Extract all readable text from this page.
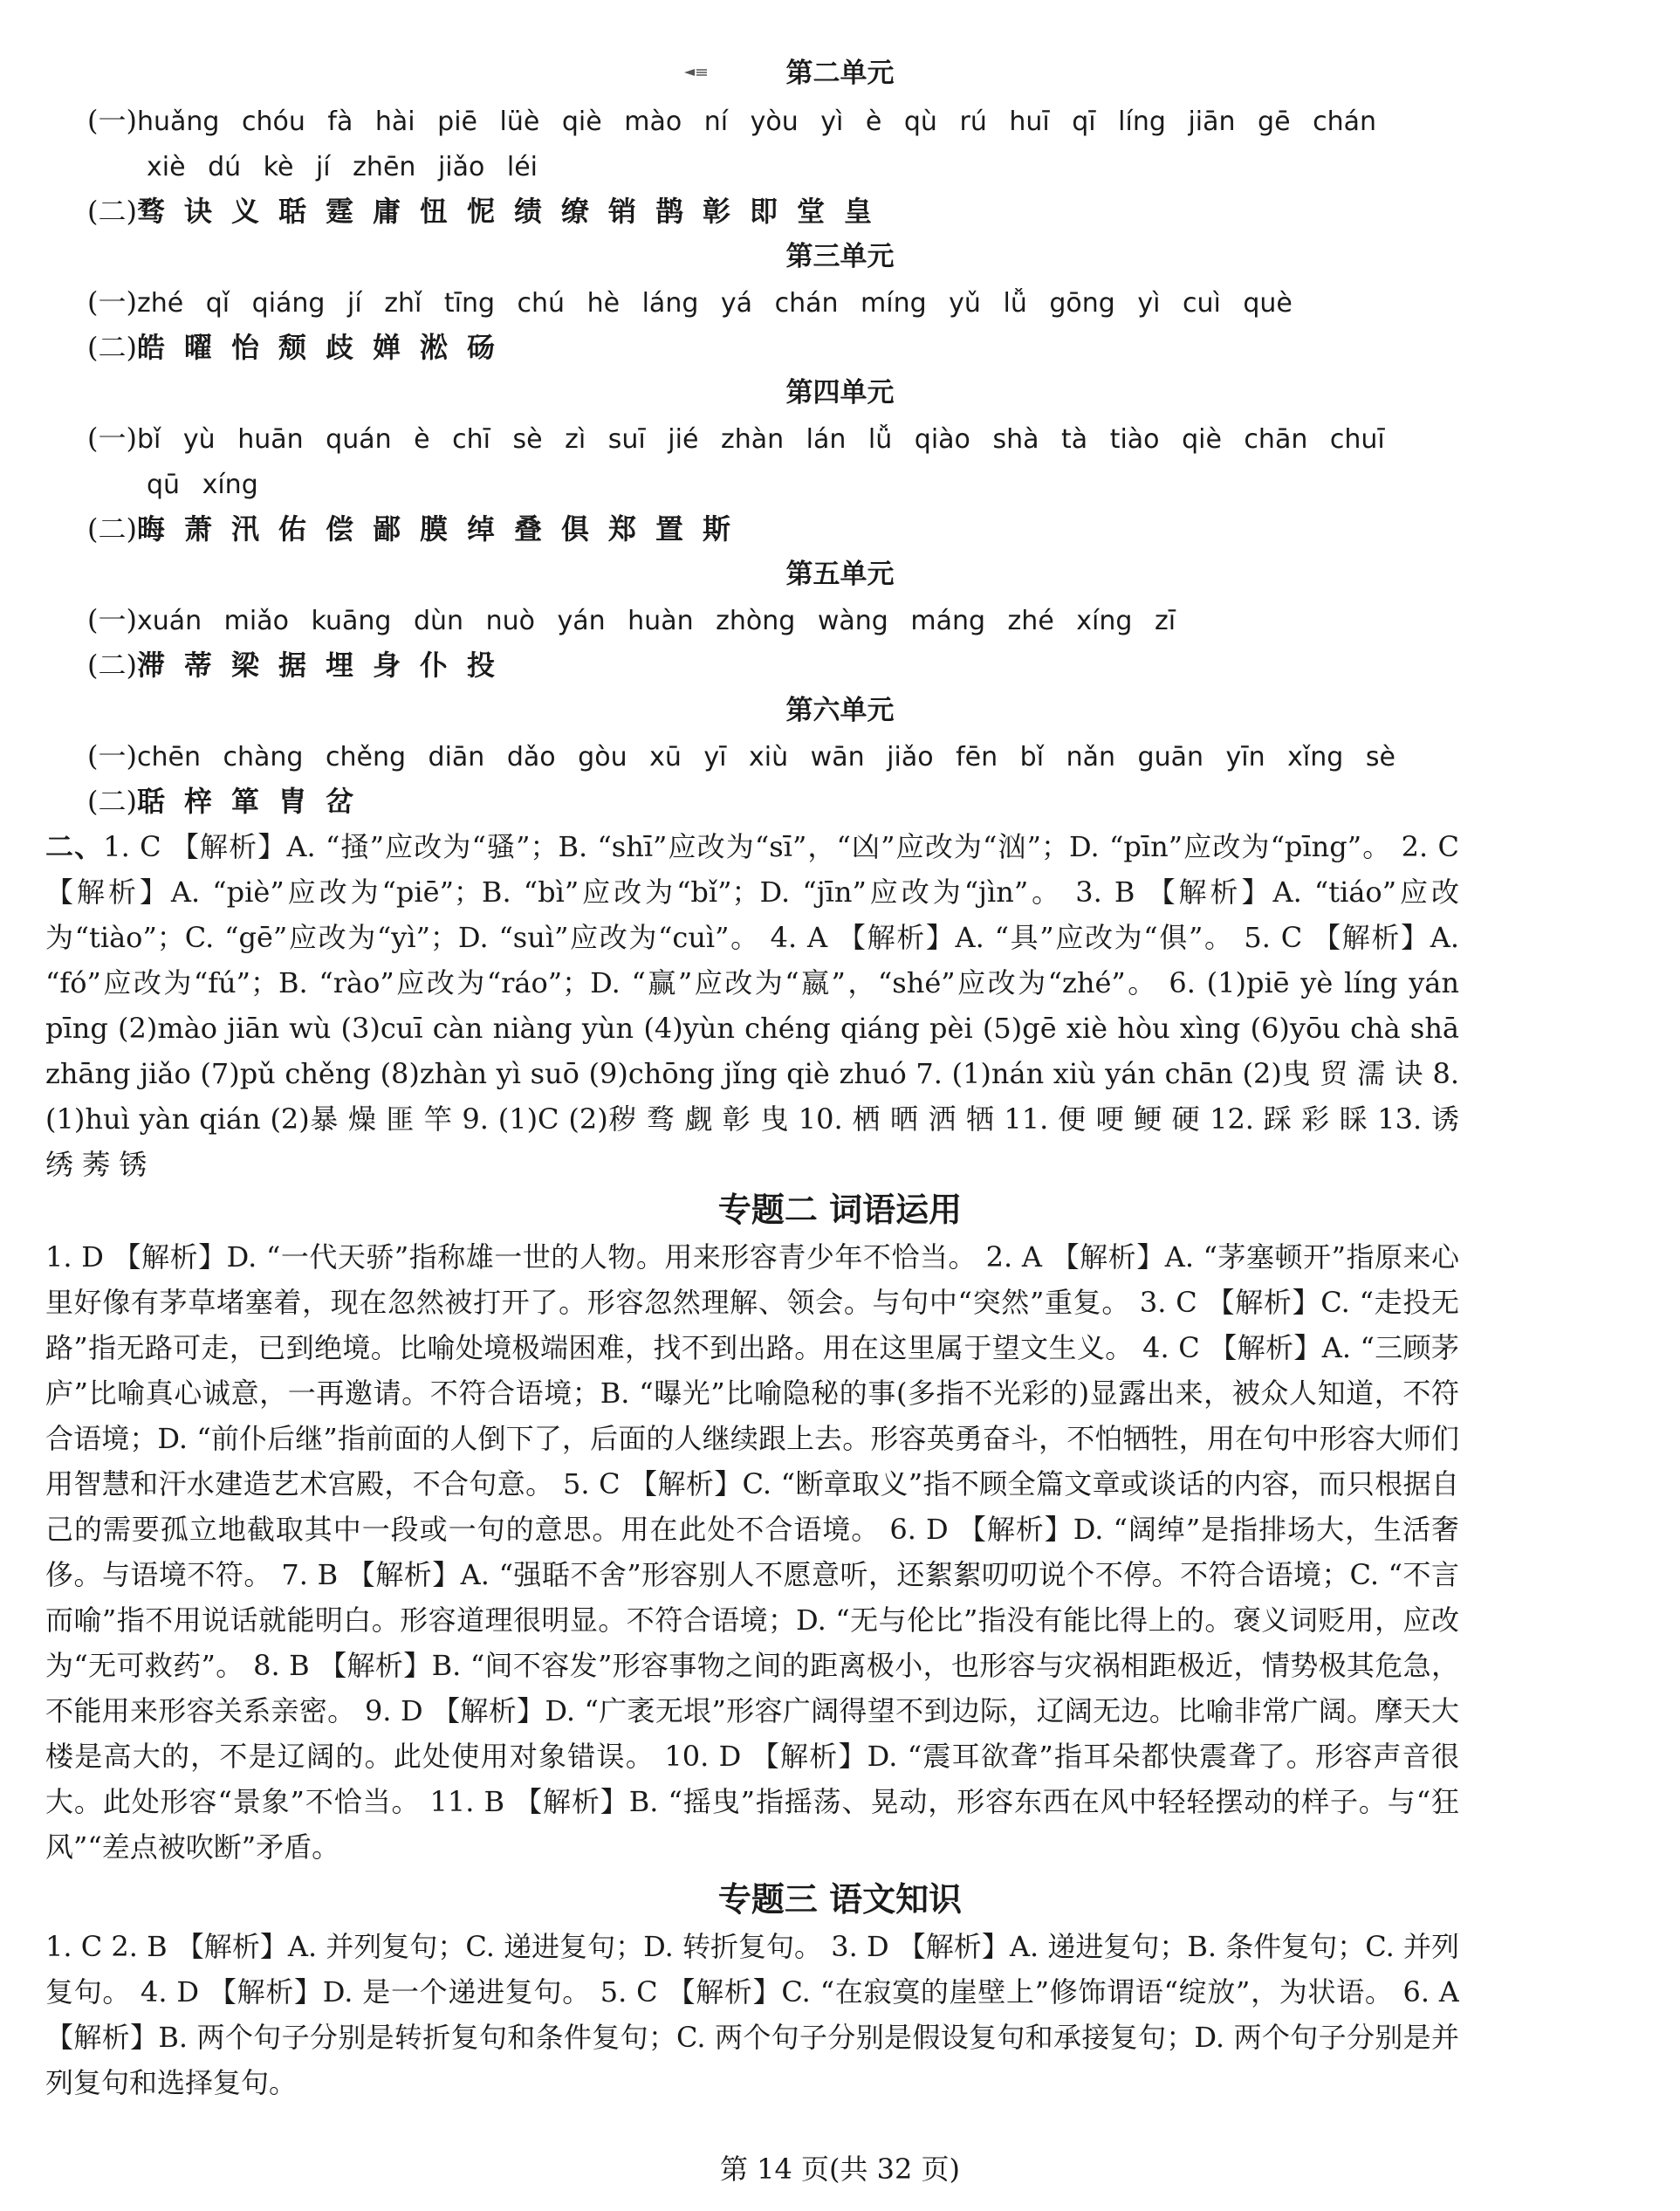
第二单元
(一)huǎng chóu fà hài piē lüè qiè mào ní yòu yì è qù rú huī qī líng jiān gē chán
xiè dú kè jí zhēn jiǎo léi
(二)骛诀义聒霆庸忸怩绩缭销鹊彰即堂皇
第三单元
(一)zhé qǐ qiáng jí zhǐ tīng chú hè láng yá chán míng yǔ lǚ gōng yì cuì què
(二)皓曜怡颓歧婵淞砀
第四单元
(一)bǐ yù huān quán è chī sè zì suī jié zhàn lán lǚ qiào shà tà tiào qiè chān chuī
qū xíng
(二)晦萧汛佑偿鄙膜绰叠俱郑置斯
第五单元
(一)xuán miǎo kuāng dùn nuò yán huàn zhòng wàng máng zhé xíng zī
(二)滞蒂梁据埋身仆投
第六单元
(一)chēn chàng chěng diān dǎo gòu xū yī xiù wān jiǎo fēn bǐ nǎn guān yīn xǐng sè
(二)聒梓箪胄岔
二、1. C 【解析】A. “掻”应改为“骚”；B. “shī”应改为“sī”，“凶”应改为“汹”；D. “pīn”应改为“pīng”。 2. C 【解析】A. “piè”应改为“piē”；B. “bì”应改为“bǐ”；D. “jīn”应改为“jìn”。 3. B 【解析】A. “tiáo”应改为“tiào”；C. “gē”应改为“yì”；D. “suì”应改为“cuì”。 4. A 【解析】A. “具”应改为“俱”。 5. C 【解析】A. “fó”应改为“fú”；B. “rào”应改为“ráo”；D. “赢”应改为“嬴”，“shé”应改为“zhé”。 6. (1)piē yè líng yán pīng (2)mào jiān wù (3)cuī càn niàng yùn (4)yùn chéng qiáng pèi (5)gē xiè hòu xìng (6)yōu chà shā zhāng jiǎo (7)pǔ chěng (8)zhàn yì suō (9)chōng jǐng qiè zhuó 7. (1)nán xiù yán chān (2)曳 贸 濡 诀 8. (1)huì yàn qián (2)暴 燥 匪 竿 9. (1)C (2)秽 骛 觑 彰 曳 10. 栖 晒 洒 牺 11. 便 哽 鲠 硬 12. 踩 彩 睬 13. 诱 绣 莠 锈
专题二 词语运用
1. D 【解析】D. “一代天骄”指称雄一世的人物。用来形容青少年不恰当。 2. A 【解析】A. “茅塞顿开”指原来心里好像有茅草堵塞着，现在忽然被打开了。形容忽然理解、领会。与句中“突然”重复。 3. C 【解析】C. “走投无路”指无路可走，已到绝境。比喻处境极端困难，找不到出路。用在这里属于望文生义。 4. C 【解析】A. “三顾茅庐”比喻真心诚意，一再邀请。不符合语境；B. “曝光”比喻隐秘的事(多指不光彩的)显露出来，被众人知道，不符合语境；D. “前仆后继”指前面的人倒下了，后面的人继续跟上去。形容英勇奋斗，不怕牺牲，用在句中形容大师们用智慧和汗水建造艺术宫殿，不合句意。 5. C 【解析】C. “断章取义”指不顾全篇文章或谈话的内容，而只根据自己的需要孤立地截取其中一段或一句的意思。用在此处不合语境。 6. D 【解析】D. “阔绰”是指排场大，生活奢侈。与语境不符。 7. B 【解析】A. “强聒不舍”形容别人不愿意听，还絮絮叨叨说个不停。不符合语境；C. “不言而喻”指不用说话就能明白。形容道理很明显。不符合语境；D. “无与伦比”指没有能比得上的。褒义词贬用，应改为“无可救药”。 8. B 【解析】B. “间不容发”形容事物之间的距离极小，也形容与灾祸相距极近，情势极其危急，不能用来形容关系亲密。 9. D 【解析】D. “广袤无垠”形容广阔得望不到边际，辽阔无边。比喻非常广阔。摩天大楼是高大的，不是辽阔的。此处使用对象错误。 10. D 【解析】D. “震耳欲聋”指耳朵都快震聋了。形容声音很大。此处形容“景象”不恰当。 11. B 【解析】B. “摇曳”指摇荡、晃动，形容东西在风中轻轻摆动的样子。与“狂风”“差点被吹断”矛盾。
专题三 语文知识
1. C 2. B 【解析】A. 并列复句；C. 递进复句；D. 转折复句。 3. D 【解析】A. 递进复句；B. 条件复句；C. 并列复句。 4. D 【解析】D. 是一个递进复句。 5. C 【解析】C. “在寂寞的崖壁上”修饰谓语“绽放”，为状语。 6. A 【解析】B. 两个句子分别是转折复句和条件复句；C. 两个句子分别是假设复句和承接复句；D. 两个句子分别是并列复句和选择复句。
第 14 页(共 32 页)
